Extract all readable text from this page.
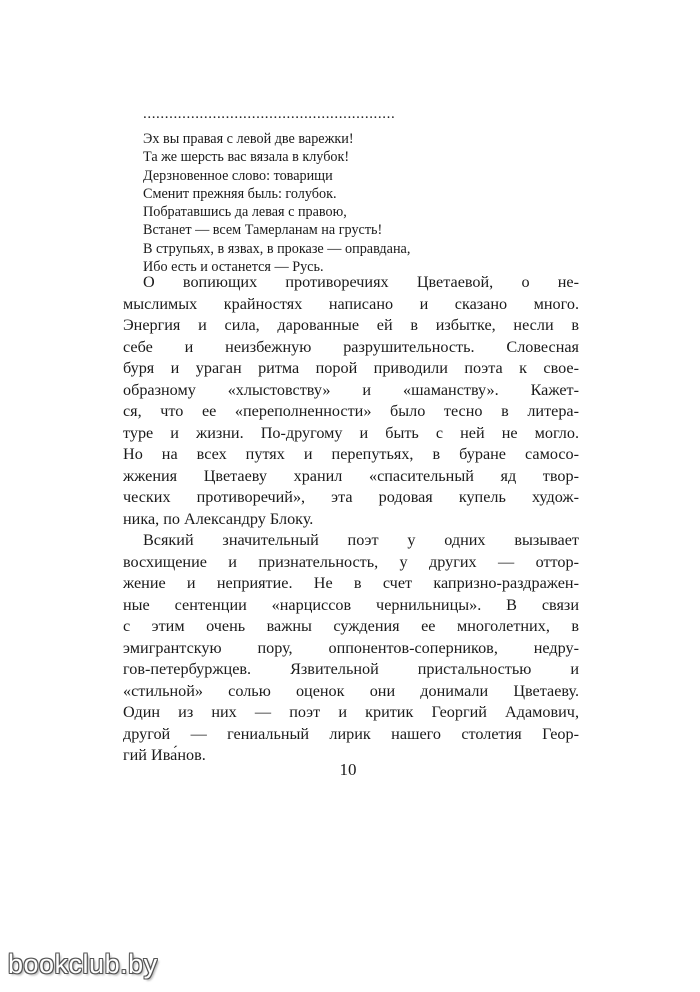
..........................................................
Эх вы правая с левой две варежки!
Та же шерсть вас вязала в клубок!
Дерзновенное слово: товарищи
Сменит прежняя быль: голубок.
Побратавшись да левая с правою,
Встанет — всем Тамерланам на грусть!
В струпьях, в язвах, в проказе — оправдана,
Ибо есть и останется — Русь.
О вопиющих противоречиях Цветаевой, о не-
мыслимых крайностях написано и сказано много.
Энергия и сила, дарованные ей в избытке, несли в
себе и неизбежную разрушительность. Словесная
буря и ураган ритма порой приводили поэта к свое-
образному «хлыстовству» и «шаманству». Кажет-
ся, что ее «переполненности» было тесно в литера-
туре и жизни. По-другому и быть с ней не могло.
Но на всех путях и перепутьях, в буране самосо-
жжения Цветаеву хранил «спасительный яд твор-
ческих противоречий», эта родовая купель худож-
ника, по Александру Блоку.
Всякий значительный поэт у одних вызывает
восхищение и признательность, у других — оттор-
жение и неприятие. Не в счет капризно-раздражен-
ные сентенции «нарциссов чернильницы». В связи
с этим очень важны суждения ее многолетних, в
эмигрантскую пору, оппонентов-соперников, недру-
гов-петербуржцев. Язвительной пристальностью и
«стильной» солью оценок они донимали Цветаеву.
Один из них — поэт и критик Георгий Адамович,
другой — гениальный лирик нашего столетия Геор-
гий Ива́нов.
10
bookclub.by
